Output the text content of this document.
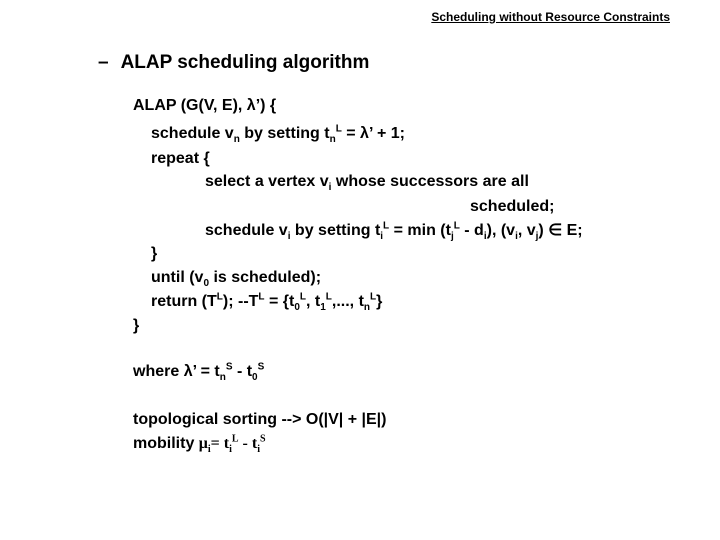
Scheduling without Resource Constraints
– ALAP scheduling algorithm
ALAP (G(V, E), λ’) {
schedule $v_n$ by setting $t_n^L = \lambda$’ + 1;
repeat {
select a vertex $v_i$ whose successors are all
scheduled;
schedule $v_i$ by setting $t_i^L = \min (t_j^L - d_i)$, ($v_i$, $v_j$) ∈ E;
}
until ($v_0$ is scheduled);
return $(T^L)$; $--T^L = \{t_0^L$, $t_1^L$,..., $t_n^L$}
}
where λ’ = $t_n^S - t_0^S$
topological sorting --> O(|V| + |E|)
mobility $\mu_i= t_i^L - t_i^S$
